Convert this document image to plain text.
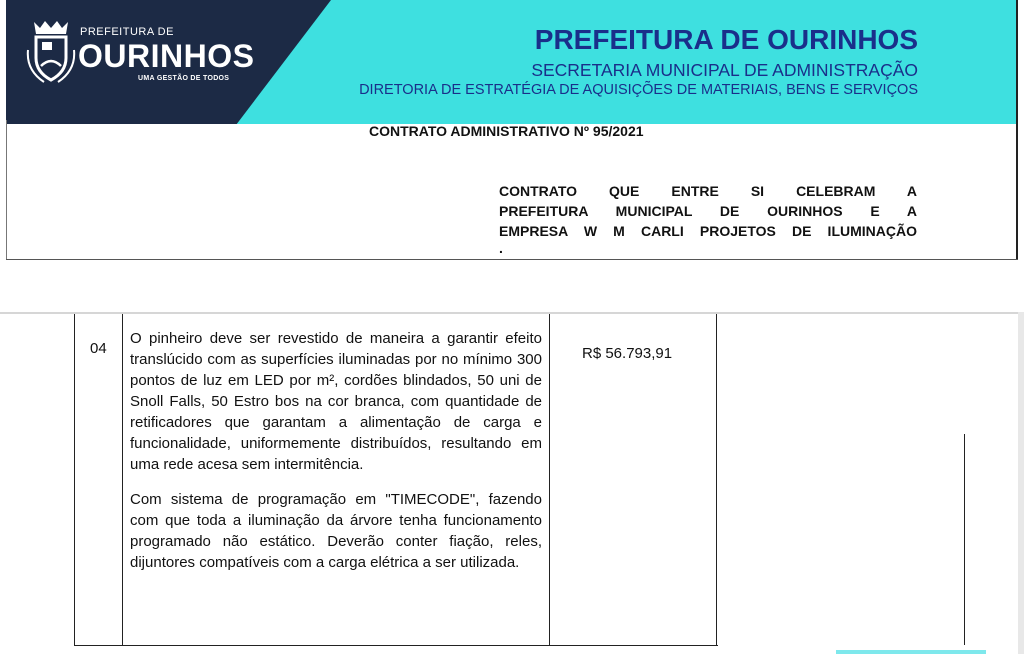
PREFEITURA DE
OURINHOS
UMA GESTÃO DE TODOS
PREFEITURA DE OURINHOS
SECRETARIA MUNICIPAL DE ADMINISTRAÇÃO
DIRETORIA DE ESTRATÉGIA DE AQUISIÇÕES DE MATERIAIS, BENS E SERVIÇOS
CONTRATO ADMINISTRATIVO Nº 95/2021
CONTRATO QUE ENTRE SI CELEBRAM A
PREFEITURA MUNICIPAL DE OURINHOS E A
EMPRESA W M CARLI PROJETOS DE ILUMINAÇÃO
.
04

O pinheiro deve ser revestido de maneira a garantir efeito translúcido com as superfícies iluminadas por no mínimo 300 pontos de luz em LED por m², cordões blindados, 50 uni de Snoll Falls, 50 Estro bos na cor branca, com quantidade de retificadores que garantam a alimentação de carga e funcionalidade, uniformemente distribuídos, resultando em uma rede acesa sem intermitência.

Com sistema de programação em "TIMECODE", fazendo com que toda a iluminação da árvore tenha funcionamento programado não estático. Deverão conter fiação, reles, dijuntores compatíveis com a carga elétrica a ser utilizada.

R$ 56.793,91
